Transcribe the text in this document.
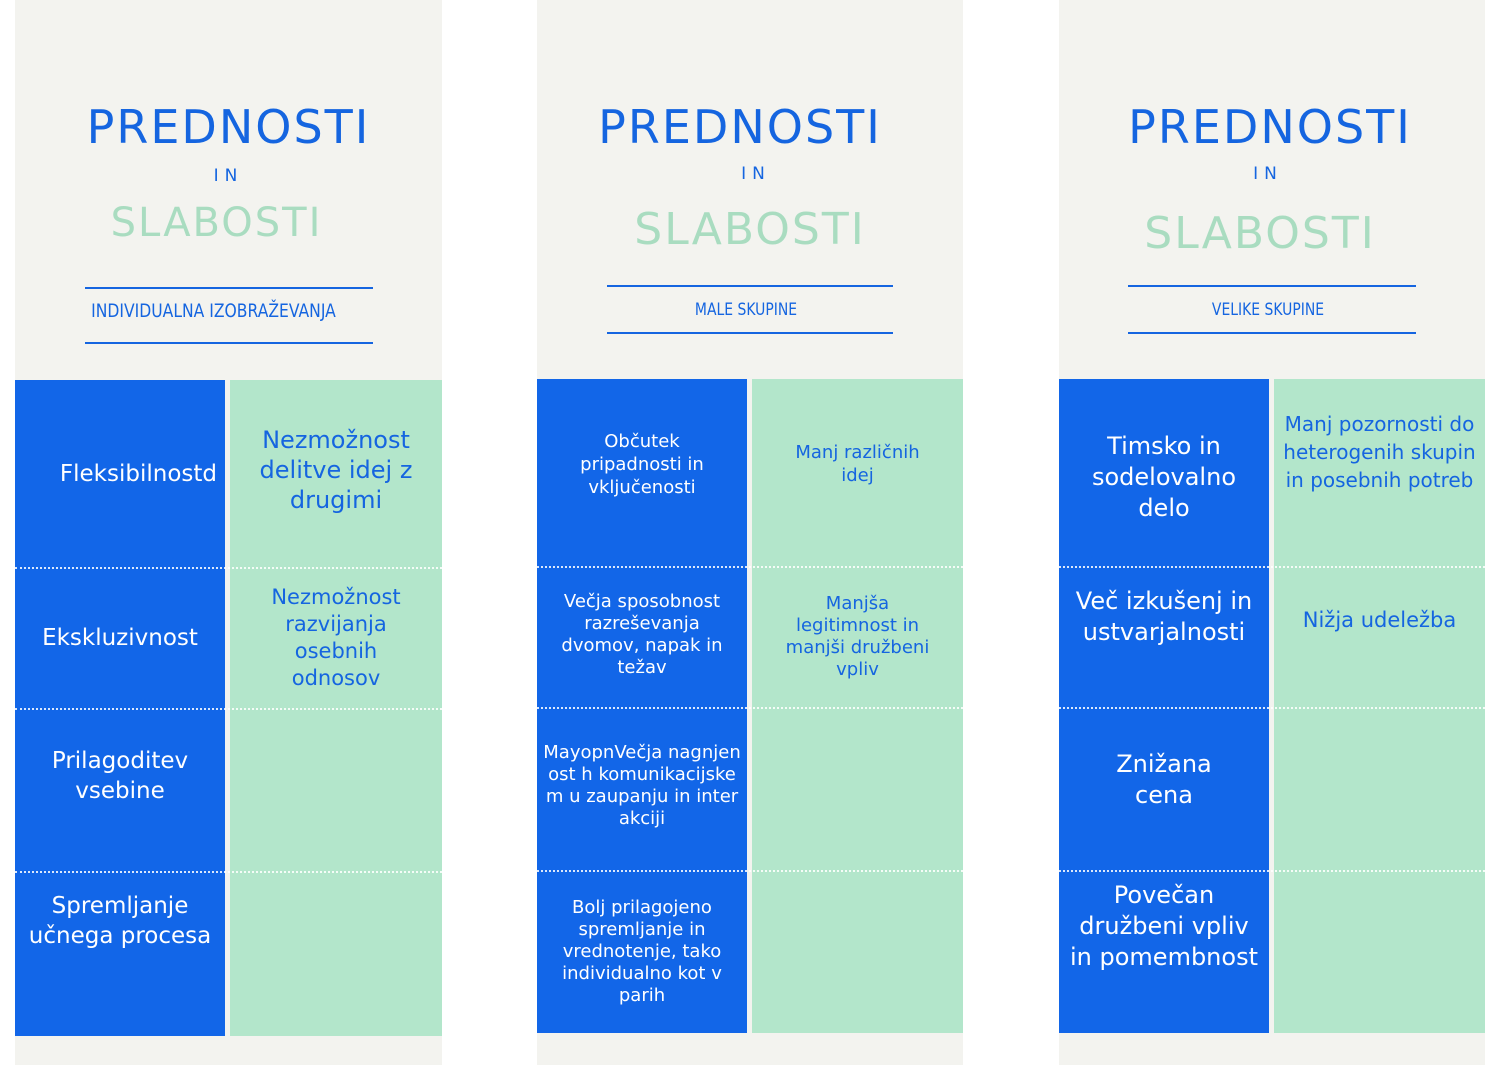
PREDNOSTI
IN
SLABOSTI
INDIVIDUALNA IZOBRAŽEVANJA
Fleksibilnostd
Ekskluzivnost
Prilagoditev vsebine
Spremljanje učnega procesa
Nezmožnost delitve idej z drugimi
Nezmožnost razvijanja osebnih odnosov
PREDNOSTI
IN
SLABOSTI
MALE SKUPINE
Občutek pripadnosti in vključenosti
Večja sposobnost razreševanja dvomov, napak in težav
MayopnVečja nagnjenost h komunikacijskem u zaupanju in interakciji
Bolj prilagojeno spremljanje in vrednotenje, tako individualno kot v parih
Manj različnih idej
Manjša legitimnost in manjši družbeni vpliv
PREDNOSTI
IN
SLABOSTI
VELIKE SKUPINE
Timsko in sodelovalno delo
Več izkušenj in ustvarjalnosti
Znižana cena
Povečan družbeni vpliv in pomembnost
Manj pozornosti do heterogenih skupin in posebnih potreb
Nižja udeležba
